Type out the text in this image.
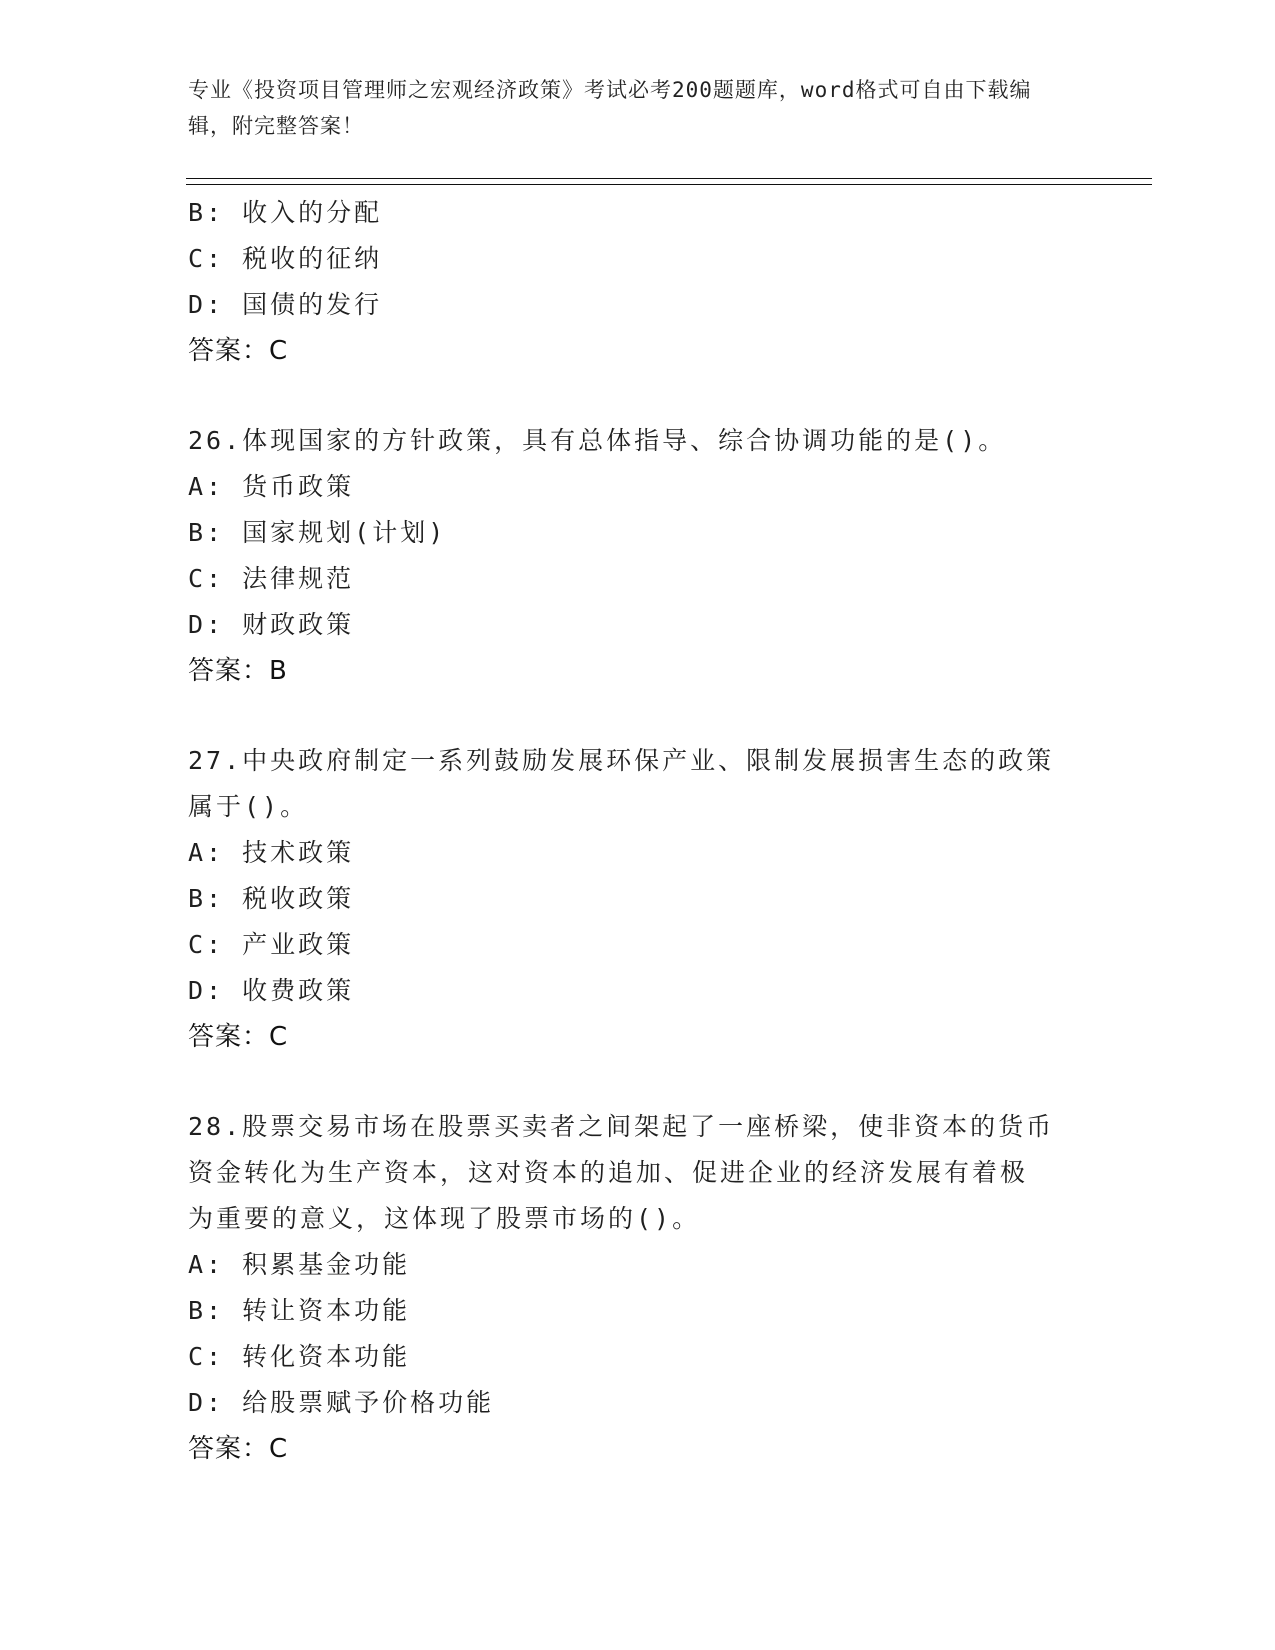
专业《投资项目管理师之宏观经济政策》考试必考200题题库，word格式可自由下载编辑，附完整答案！
B: 收入的分配
C: 税收的征纳
D: 国债的发行
答案：C
26.体现国家的方针政策，具有总体指导、综合协调功能的是()。
A: 货币政策
B: 国家规划(计划)
C: 法律规范
D: 财政政策
答案：B
27.中央政府制定一系列鼓励发展环保产业、限制发展损害生态的政策
属于()。
A: 技术政策
B: 税收政策
C: 产业政策
D: 收费政策
答案：C
28.股票交易市场在股票买卖者之间架起了一座桥梁，使非资本的货币
资金转化为生产资本，这对资本的追加、促进企业的经济发展有着极
为重要的意义，这体现了股票市场的()。
A: 积累基金功能
B: 转让资本功能
C: 转化资本功能
D: 给股票赋予价格功能
答案：C
